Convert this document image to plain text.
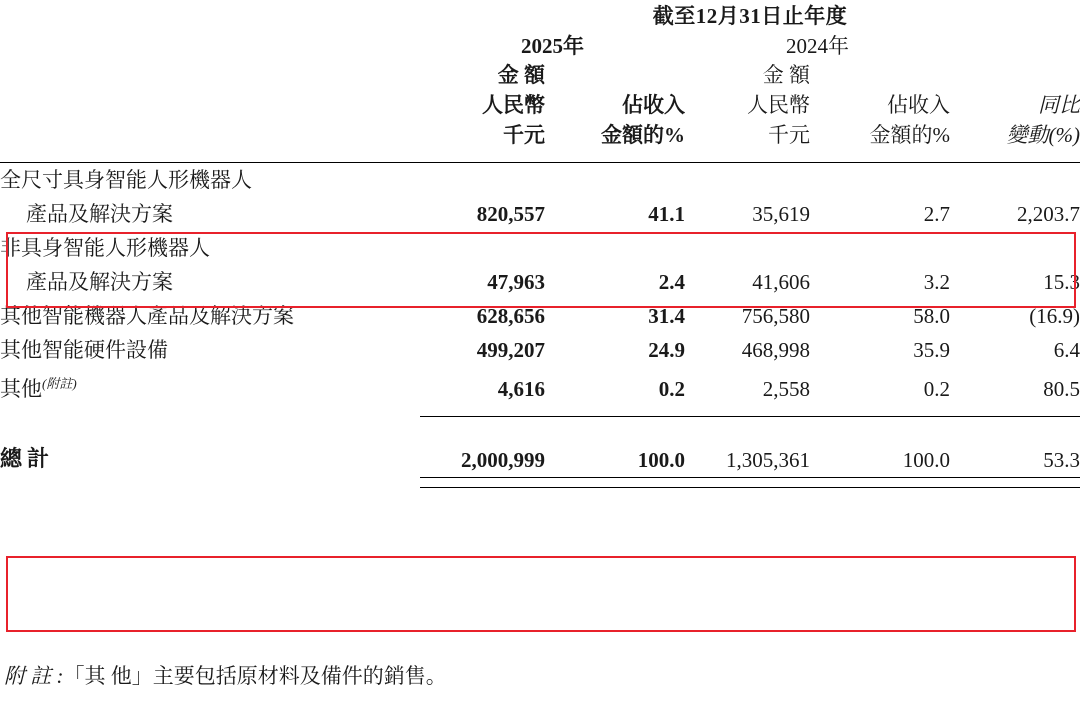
	截至12月31日止年度				
	2025年		2024年		
	金 額		金 額		
	人民幣	佔收入	人民幣	佔收入	同比
	千元	金額的%	千元	金額的%	變動(%)

全尺寸具身智能人形機器人					
產品及解決方案	820,557	41.1	35,619	2.7	2,203.7
非具身智能人形機器人					
產品及解決方案	47,963	2.4	41,606	3.2	15.3
其他智能機器人產品及解決方案	628,656	31.4	756,580	58.0	(16.9)
其他智能硬件設備	499,207	24.9	468,998	35.9	6.4
其他$^{(附註)}$	4,616	0.2	2,558	0.2	80.5

總計	2,000,999	100.0	1,305,361	100.0	53.3

附 註 :「其 他」主要包括原材料及備件的銷售。
